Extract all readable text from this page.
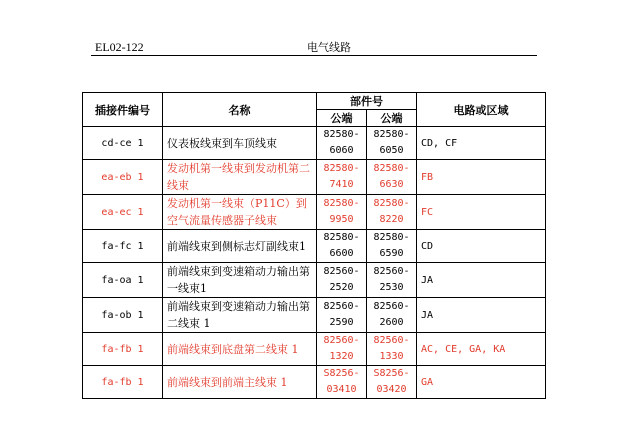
EL02-122	电气线路
插接件编号	名称	部件号		电路或区域
		公端	公端	
cd-ce 1	仪表板线束到车顶线束	82580-6060	82580-6050	CD, CF
ea-eb 1	发动机第一线束到发动机第二线束	82580-7410	82580-6630	FB
ea-ec 1	发动机第一线束（P11C）到空气流量传感器子线束	82580-9950	82580-8220	FC
fa-fc 1	前端线束到侧标志灯副线束1	82580-6600	82580-6590	CD
fa-oa 1	前端线束到变速箱动力输出第一线束1	82560-2520	82560-2530	JA
fa-ob 1	前端线束到变速箱动力输出第二线束 1	82560-2590	82560-2600	JA
fa-fb 1	前端线束到底盘第二线束 1	82560-1320	82560-1330	AC, CE, GA, KA
fa-fb 1	前端线束到前端主线束 1	S8256-03410	S8256-03420	GA
